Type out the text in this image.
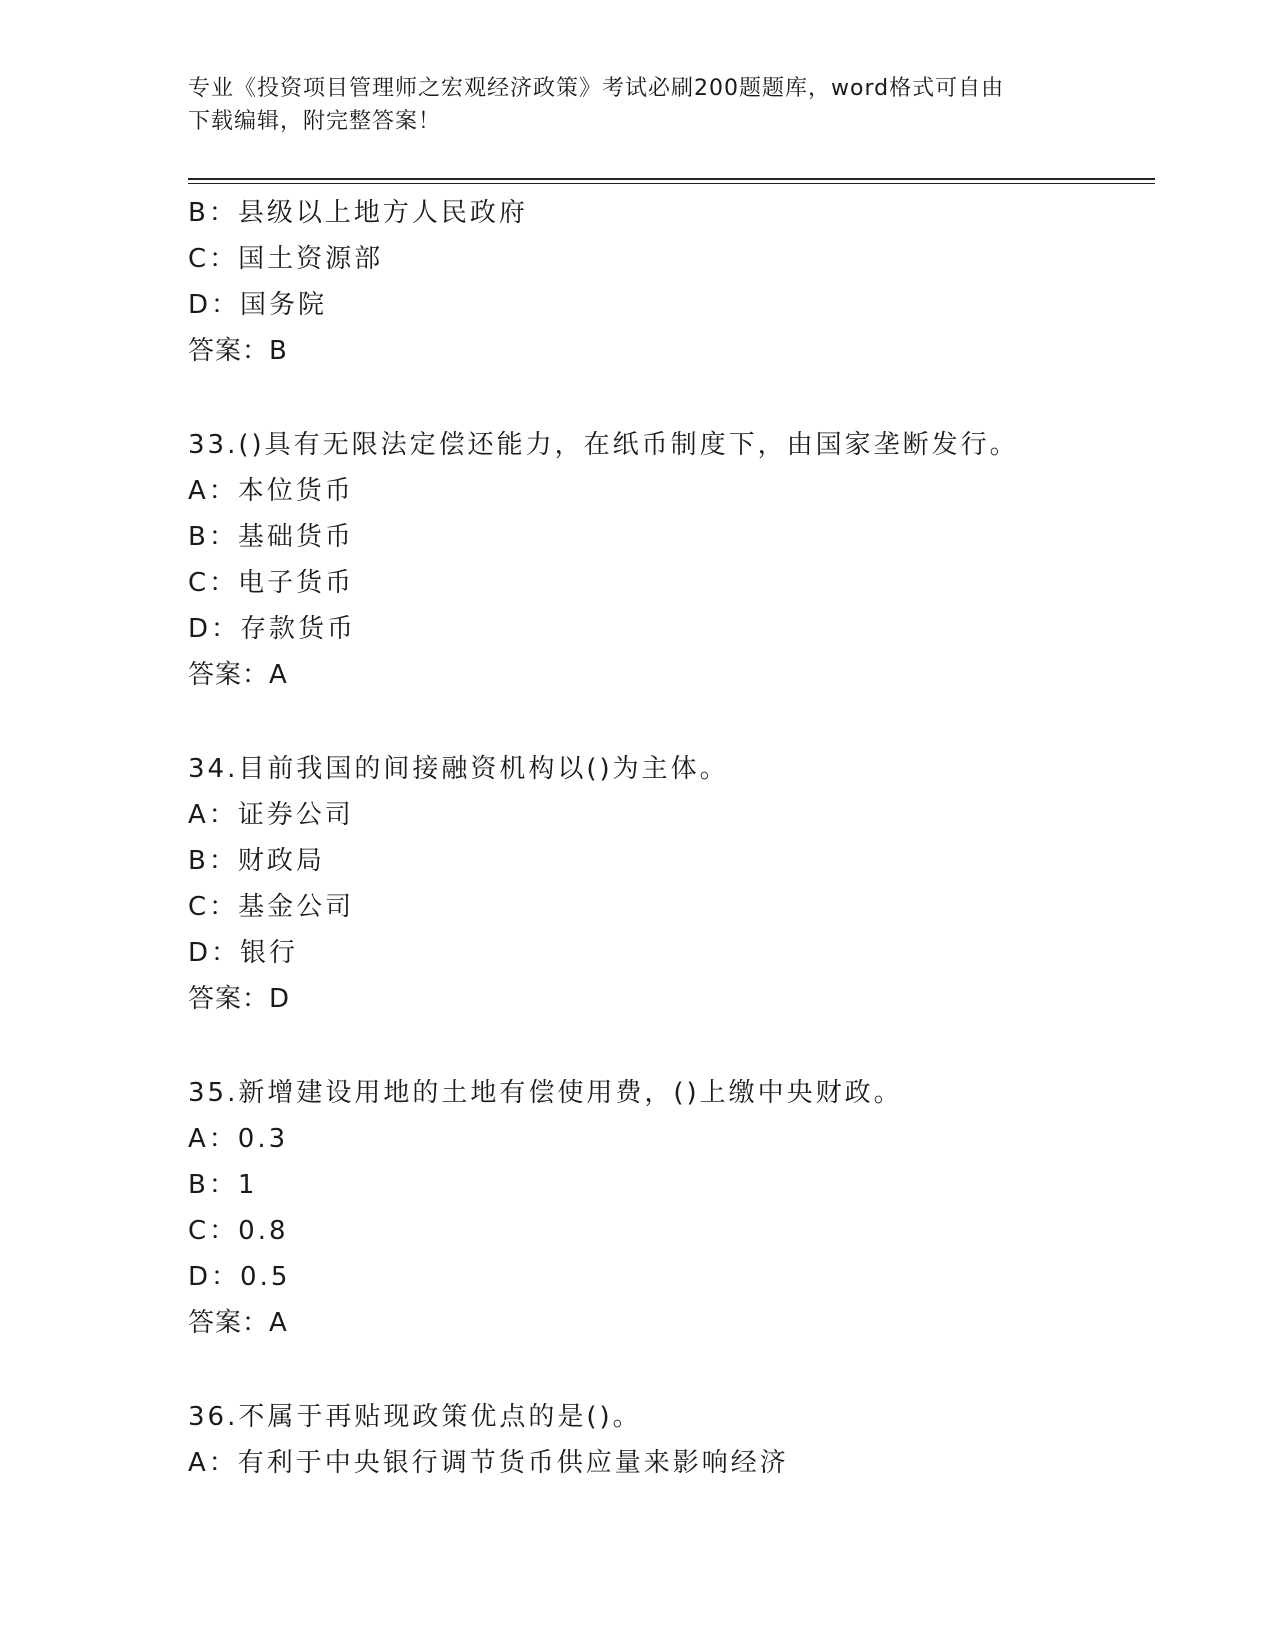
专业《投资项目管理师之宏观经济政策》考试必刷200题题库，word格式可自由
下载编辑，附完整答案！
B：县级以上地方人民政府
C：国土资源部
D：国务院
答案：B
33.()具有无限法定偿还能力，在纸币制度下，由国家垄断发行。
A：本位货币
B：基础货币
C：电子货币
D：存款货币
答案：A
34.目前我国的间接融资机构以()为主体。
A：证券公司
B：财政局
C：基金公司
D：银行
答案：D
35.新增建设用地的土地有偿使用费，()上缴中央财政。
A：0.3
B：1
C：0.8
D：0.5
答案：A
36.不属于再贴现政策优点的是()。
A：有利于中央银行调节货币供应量来影响经济
